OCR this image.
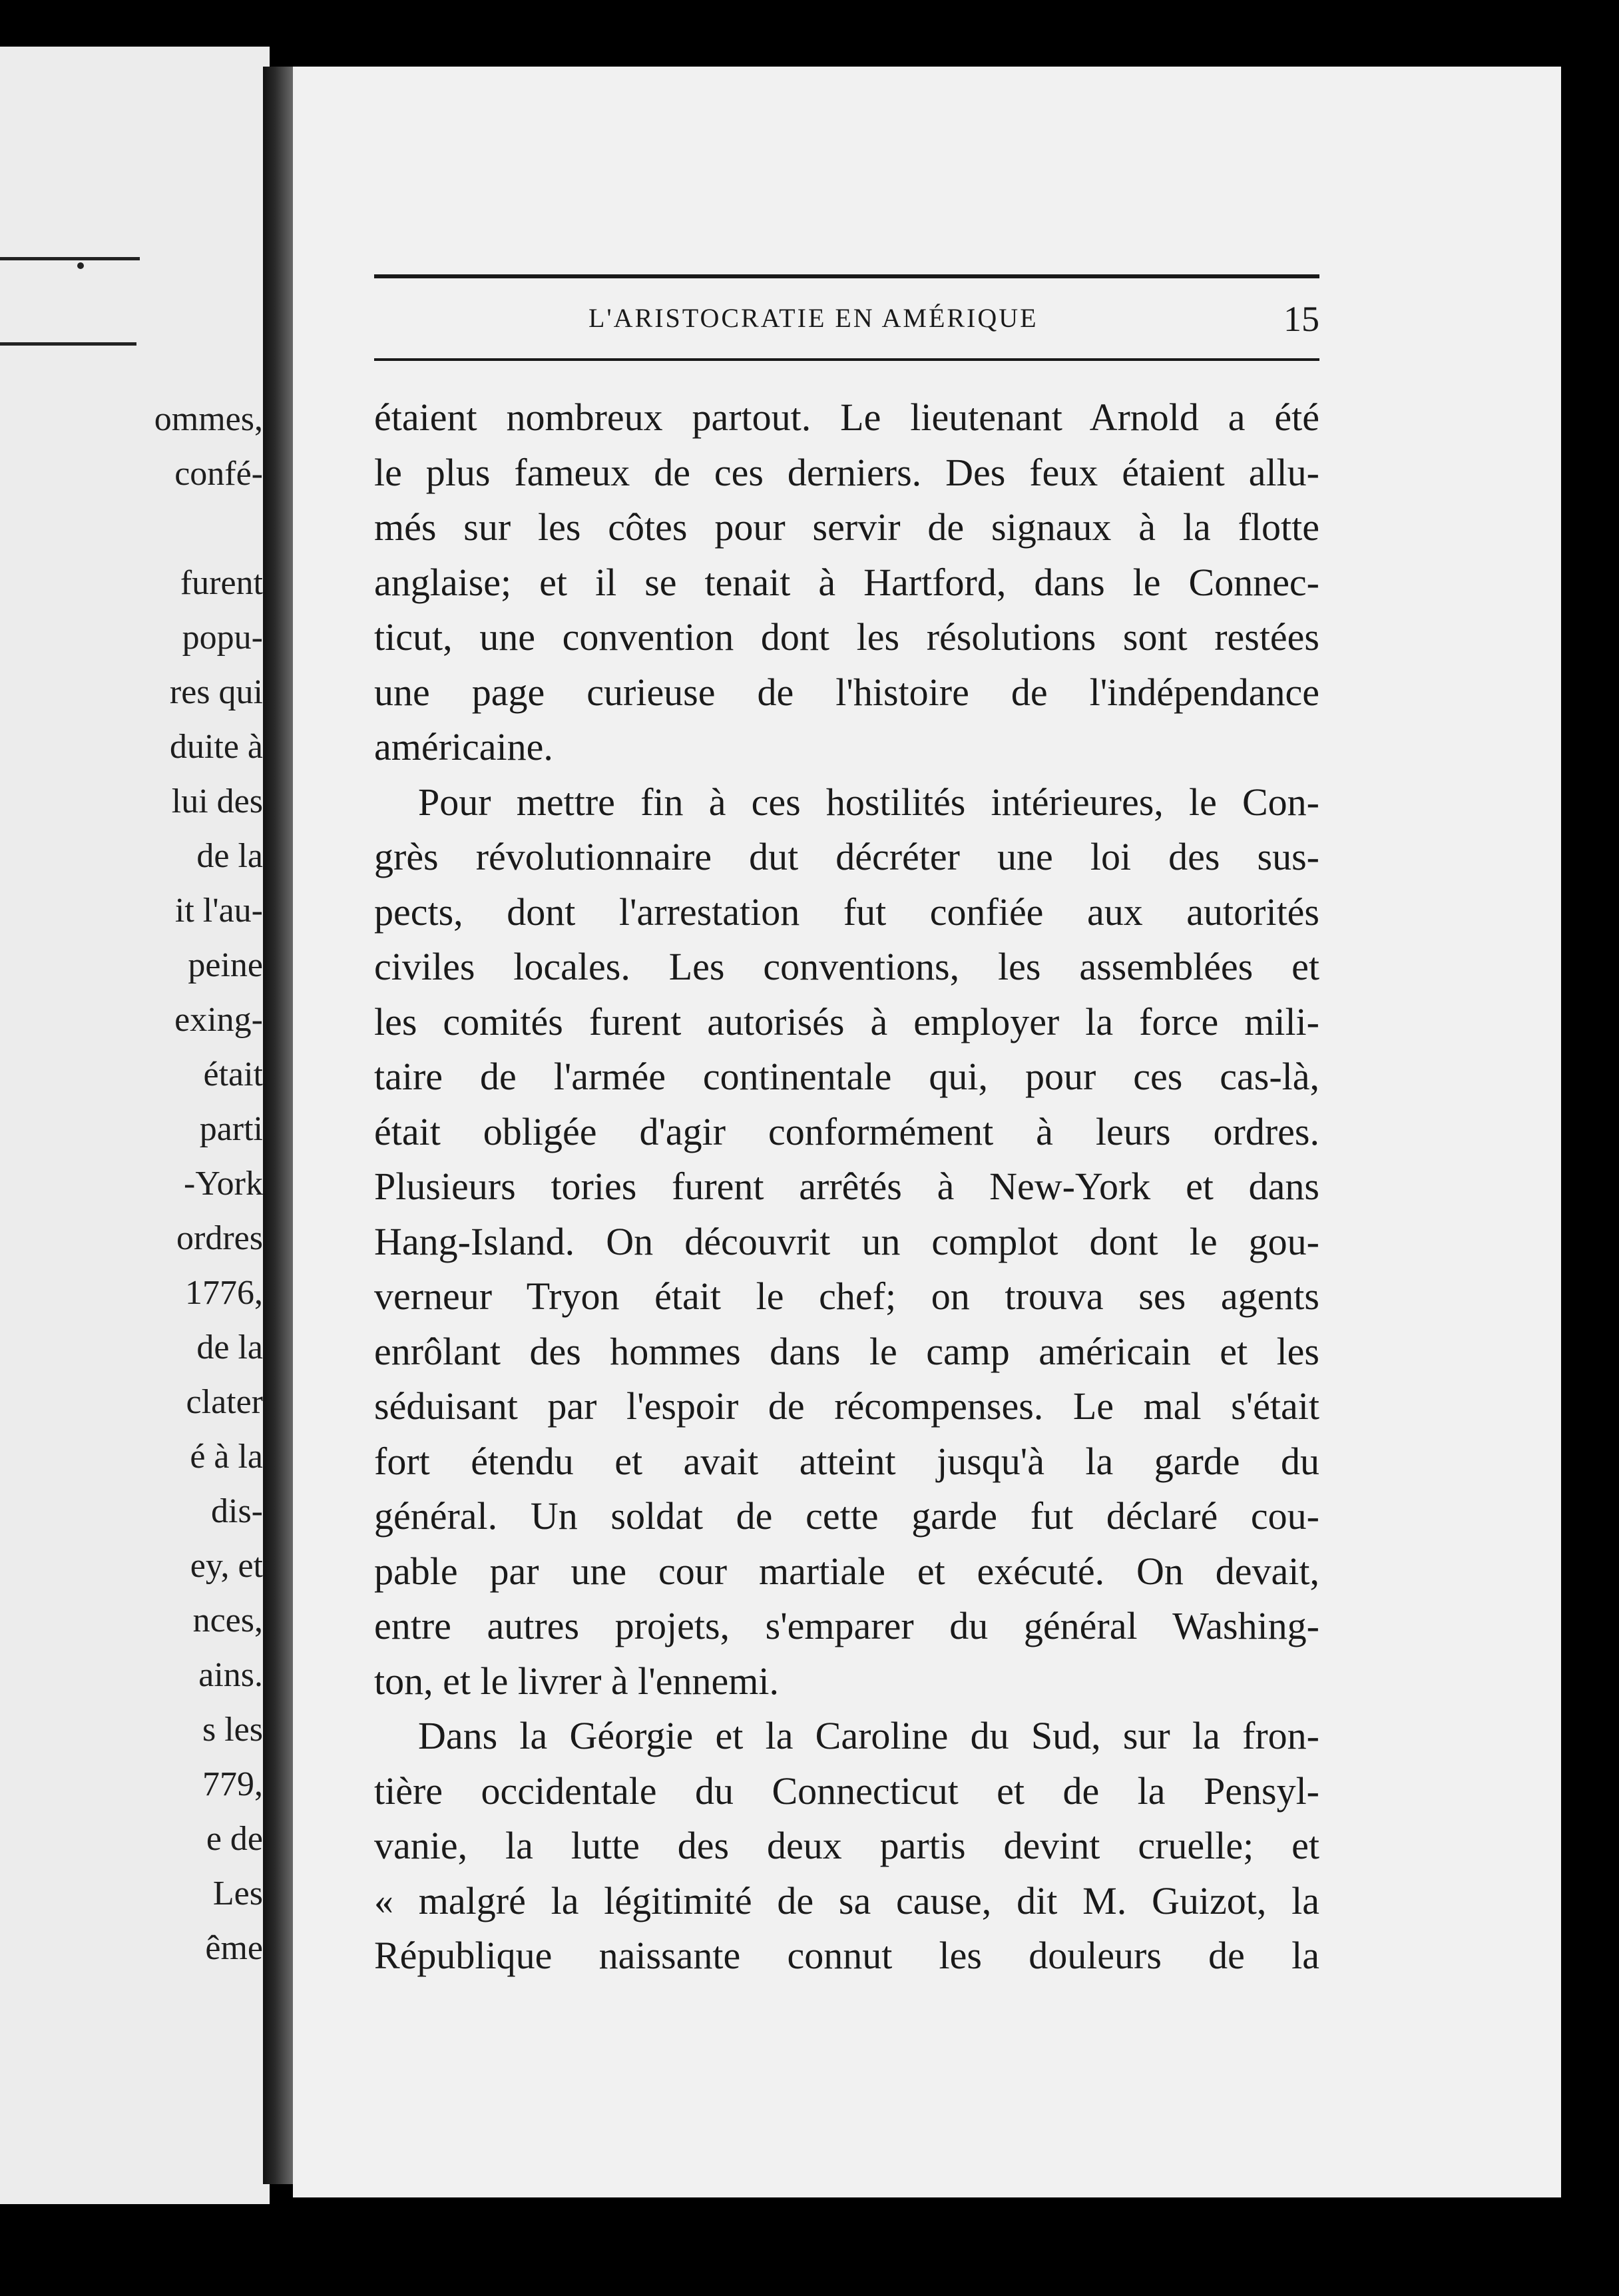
ommes,
confé-
furent
popu-
res qui
duite à
lui des
de la
it l'au-
peine
exing-
était
parti
-York
ordres
1776,
de la
clater
é à la
dis-
ey, et
nces,
ains.
s les
779,
e de
Les
ême
L'ARISTOCRATIE EN AMÉRIQUE	15
étaient nombreux partout. Le lieutenant Arnold a été
le plus fameux de ces derniers. Des feux étaient allu-
més sur les côtes pour servir de signaux à la flotte
anglaise; et il se tenait à Hartford, dans le Connec-
ticut, une convention dont les résolutions sont restées
une page curieuse de l'histoire de l'indépendance
américaine.
Pour mettre fin à ces hostilités intérieures, le Con-
grès révolutionnaire dut décréter une loi des sus-
pects, dont l'arrestation fut confiée aux autorités
civiles locales. Les conventions, les assemblées et
les comités furent autorisés à employer la force mili-
taire de l'armée continentale qui, pour ces cas-là,
était obligée d'agir conformément à leurs ordres.
Plusieurs tories furent arrêtés à New-York et dans
Hang-Island. On découvrit un complot dont le gou-
verneur Tryon était le chef; on trouva ses agents
enrôlant des hommes dans le camp américain et les
séduisant par l'espoir de récompenses. Le mal s'était
fort étendu et avait atteint jusqu'à la garde du
général. Un soldat de cette garde fut déclaré cou-
pable par une cour martiale et exécuté. On devait,
entre autres projets, s'emparer du général Washing-
ton, et le livrer à l'ennemi.
Dans la Géorgie et la Caroline du Sud, sur la fron-
tière occidentale du Connecticut et de la Pensyl-
vanie, la lutte des deux partis devint cruelle; et
« malgré la légitimité de sa cause, dit M. Guizot, la
République naissante connut les douleurs de la
